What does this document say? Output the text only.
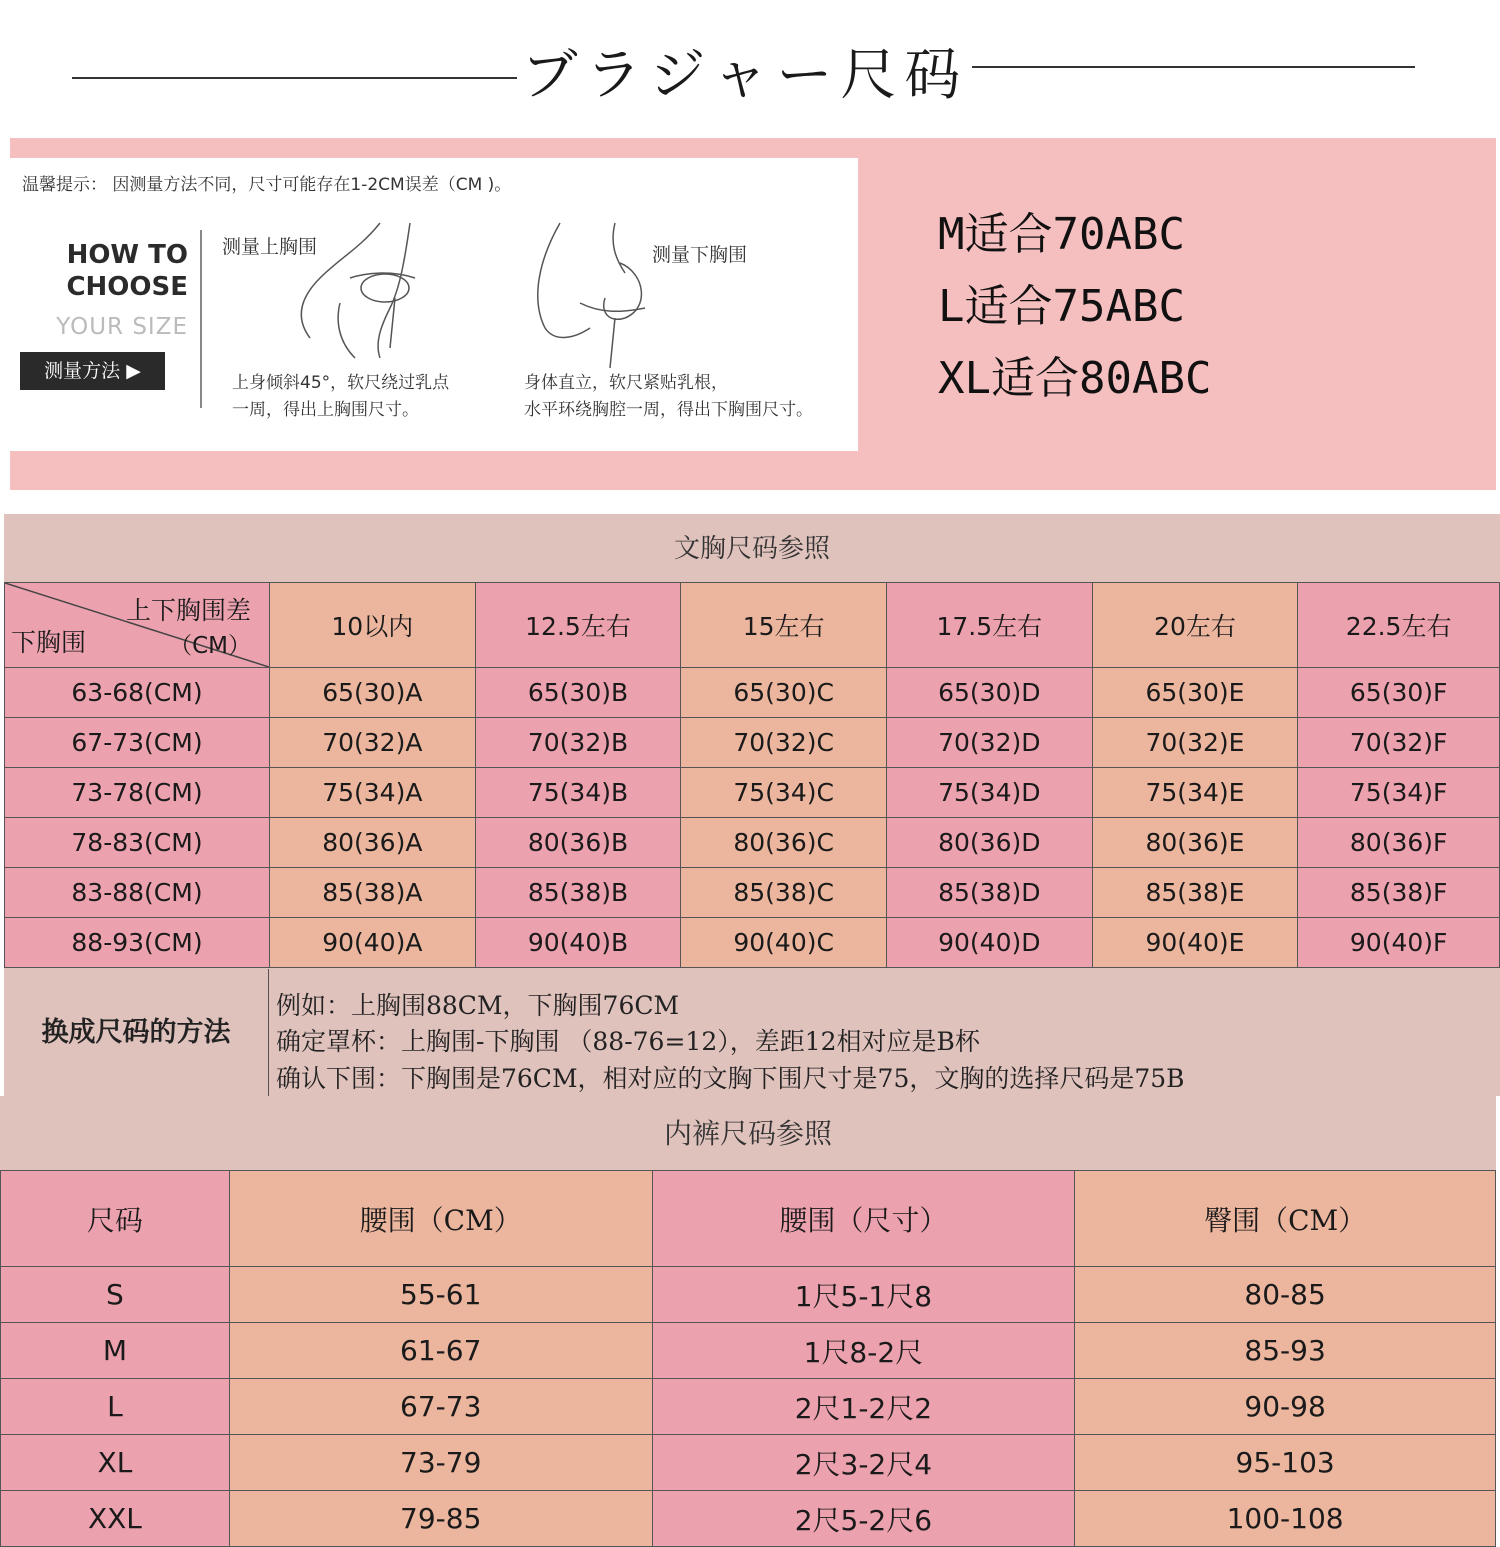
ブラジャー尺码
温馨提示： 因测量方法不同，尺寸可能存在1-2CM误差（CM )。
HOW TO
CHOOSE
YOUR SIZE
测量方法 ▶
测量上胸围	测量下胸围
上身倾斜45°，软尺绕过乳点
一周，得出上胸围尺寸。
身体直立，软尺紧贴乳根，
水平环绕胸腔一周，得出下胸围尺寸。
M适合70ABC
L适合75ABC
XL适合80ABC
文胸尺码参照
上下胸围差
（CM）
下胸围	10以内	12.5左右	15左右	17.5左右	20左右	22.5左右
63-68(CM)	65(30)A	65(30)B	65(30)C	65(30)D	65(30)E	65(30)F
67-73(CM)	70(32)A	70(32)B	70(32)C	70(32)D	70(32)E	70(32)F
73-78(CM)	75(34)A	75(34)B	75(34)C	75(34)D	75(34)E	75(34)F
78-83(CM)	80(36)A	80(36)B	80(36)C	80(36)D	80(36)E	80(36)F
83-88(CM)	85(38)A	85(38)B	85(38)C	85(38)D	85(38)E	85(38)F
88-93(CM)	90(40)A	90(40)B	90(40)C	90(40)D	90(40)E	90(40)F
换成尺码的方法
例如：上胸围88CM，下胸围76CM
确定罩杯：上胸围-下胸围 （88-76=12），差距12相对应是B杯
确认下围：下胸围是76CM，相对应的文胸下围尺寸是75，文胸的选择尺码是75B
内裤尺码参照
尺码	腰围（CM）	腰围（尺寸）	臀围（CM）
S	55-61	1尺5-1尺8	80-85
M	61-67	1尺8-2尺	85-93
L	67-73	2尺1-2尺2	90-98
XL	73-79	2尺3-2尺4	95-103
XXL	79-85	2尺5-2尺6	100-108
